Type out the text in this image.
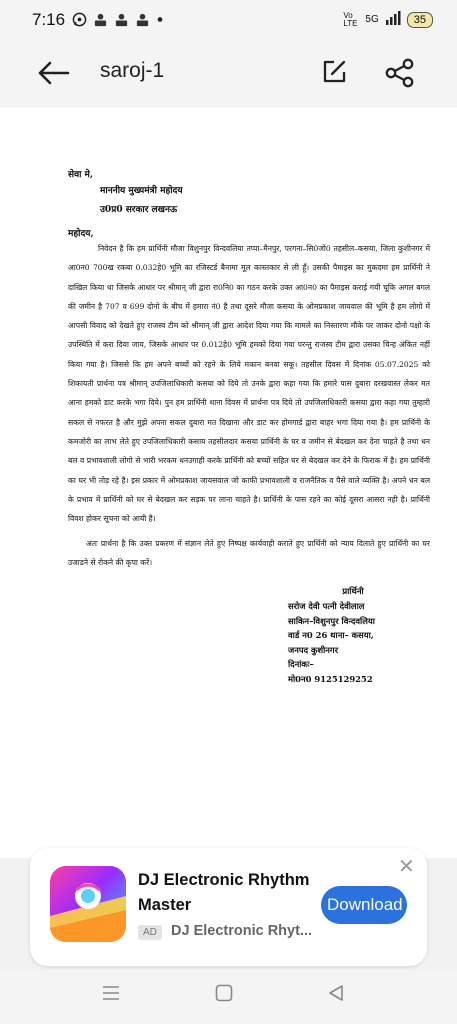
7:16	Vo LTE 5G	35
saroj-1
सेवा मे,
माननीय मुख्यमंत्री महोदय
उ0प्र0 सरकार लखनऊ
महोदय,

निवेदन है कि हम प्रार्थिनी मौजा विशुनपुर विन्दवलिया तप्पा–मैनपुर, परगना–सि0जो0 तहसील–कसया, जिला कुशीनगर में आ0न0 700ख रकबा 0.032हे0 भूमि का रजिस्टर्ड बैनामा मूल कास्तकार से ली हूँ। उसकी पैमाइस का मुकदमा हम प्रार्थिनी ने दाखिल किया था जिसके आधार पर श्रीमान् जी द्वारा रा0नि0 का गठन करके उक्त आ0न0 का पैमाइस कराई गयी चूकि अगल बगल की जमीन है 707 व 699 दोनो के बीच में हमारा नं0 है तथा दूसरे मौजा कसया के ओमप्रकाश जायवाल की भूमि है हम लोगो में आपसी विवाद को देखते हुए राजस्व टीम को श्रीमान् जी द्वारा आदेश दिया गया कि मामले का निस्तारण मौके पर जाकर दोनो पक्षो के उपस्थिति में करा दिया जाय, जिसके आधार पर 0.012हे0 भूमि हमको दिया गया परन्तु राजस्व टीम द्वारा उसका चिन्ह अंकित नहीं किया गया है। जिससे कि हम अपने बच्चों को रहने के लिये मकान बनवा सकू। तहसील दिवस में दिनांक 05.07.2025 को शिकायती प्रार्थना पत्र श्रीमान् उपजिलाधिकारी कसया को दिये तो उनके द्वारा कहा गया कि हमारे पास दुबारा दरखवास्त लेकर मत आना हमको डाट करके भगा दिये। पुन हम प्रार्थिनी थाना दिवस में प्रार्थना पत्र दिये तो उपजिलाधिकारी कसया द्वारा कहा गया तुम्हारी सकल से नफरत है और मुझे अपना सकल दुबारा मत दिखाना और डाट कर होमगार्ड द्वारा बाहर भगा दिया गया है। हम प्रार्थिनी के कमजोरी का लाभ लेते हुए उपजिलाधिकारी कसाय तहसीलदार कसया प्रार्थिनी के घर व जमीन से बेदखल कर देना चाहते है तथा धन बल व प्रभावशाली लोगो से भारी भरकम धनउगाही करके प्रार्थिनी को बच्चों सहित घर से बेदखल कर देने के फिराक में है। हम प्रार्थिनी का घर भी तोड़ रहे है। इस प्रकार में ओमप्रकाश जायसवाल जो काफी प्रभावशाली व राजनैतिक व पैसे वाले व्यक्ति है। अपने धन बल के प्रभाव में प्रार्थिनी को घर से बेदखल कर सड़क पर लाना चाहते है। प्रार्थिनी के पास रहने का कोई दूसरा आसरा नही है। प्रार्थिनी विवश होकर सूचना को आयी है।

अतः प्रार्थना है कि उक्त प्रकरण में संज्ञान लेते हुए निष्पक्ष कार्यवाही कराते हुए प्रार्थिनी को न्याय दिलाते हुए प्रार्थिनी का घर उजाडने से रोकने की कृपा करें।

प्रार्थिनी
सरोज देवी पत्नी देवीलाल
साकिन–विशुनपुर विन्दवलिया
वार्ड न0 26 थाना– कसया,
जनपद कुशीनगर
दिनांकः–
मो0न0 9125129252
DJ Electronic Rhythm Master
AD DJ Electronic Rhyt...
✕
Download
